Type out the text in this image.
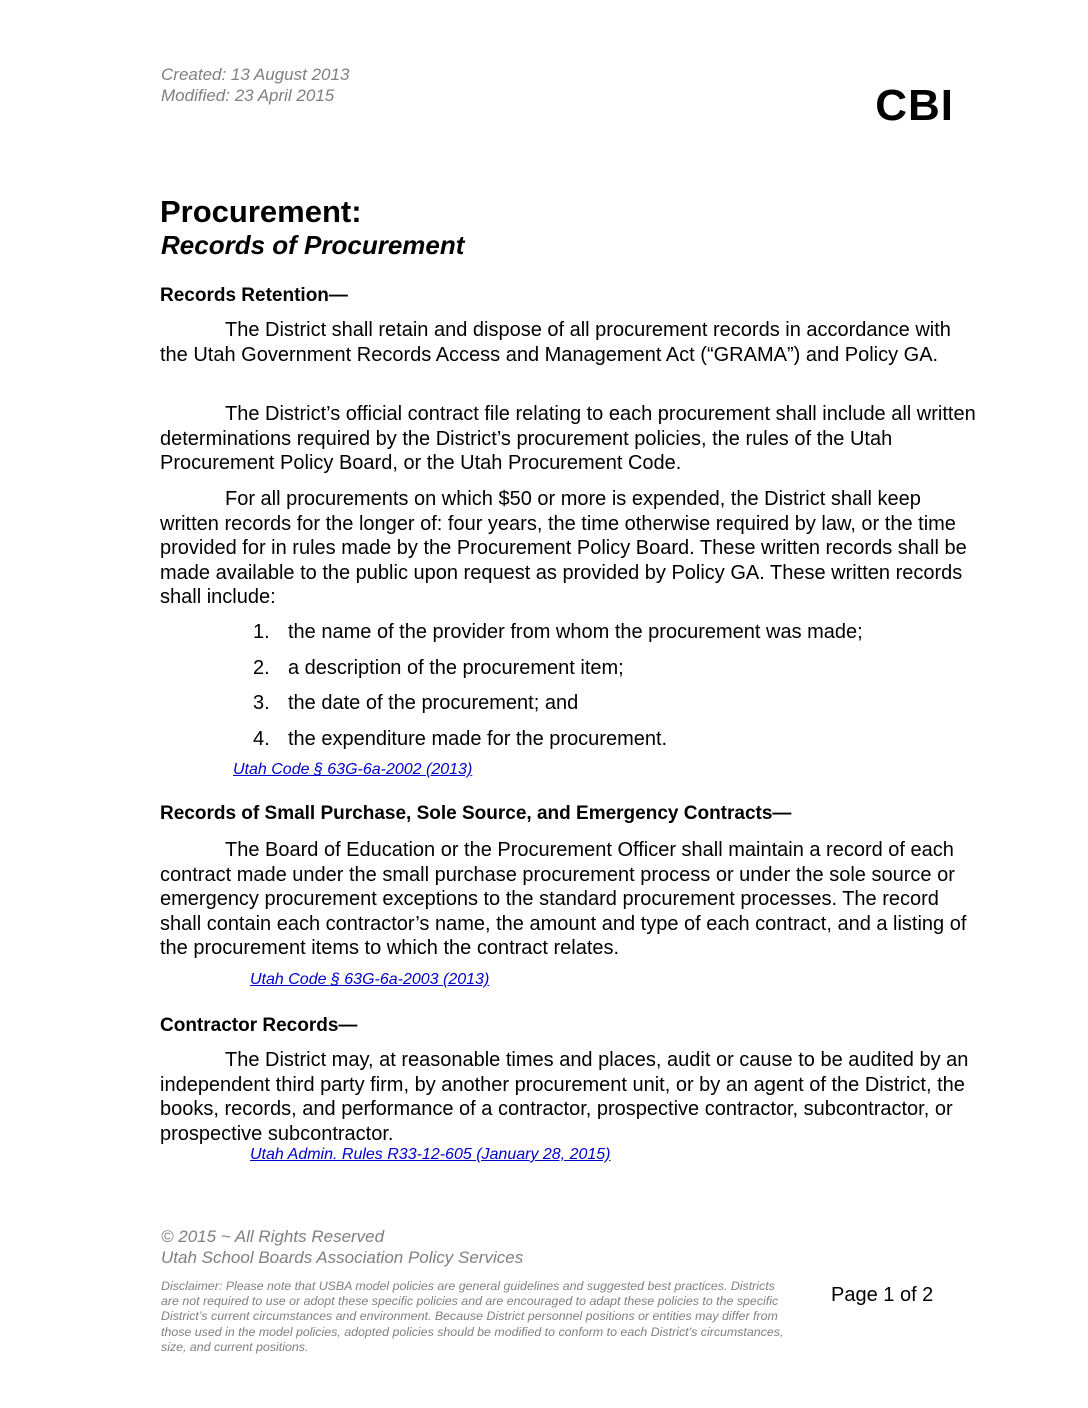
Created: 13 August 2013
Modified: 23 April 2015	CBI
Procurement:
Records of Procurement
Records Retention—

The District shall retain and dispose of all procurement records in accordance with the Utah Government Records Access and Management Act (“GRAMA”) and Policy GA.

The District’s official contract file relating to each procurement shall include all written determinations required by the District’s procurement policies, the rules of the Utah Procurement Policy Board, or the Utah Procurement Code.

For all procurements on which $50 or more is expended, the District shall keep written records for the longer of: four years, the time otherwise required by law, or the time provided for in rules made by the Procurement Policy Board. These written records shall be made available to the public upon request as provided by Policy GA. These written records shall include:

1. the name of the provider from whom the procurement was made;
2. a description of the procurement item;
3. the date of the procurement; and
4. the expenditure made for the procurement.
Utah Code § 63G-6a-2002 (2013)
Records of Small Purchase, Sole Source, and Emergency Contracts—

The Board of Education or the Procurement Officer shall maintain a record of each contract made under the small purchase procurement process or under the sole source or emergency procurement exceptions to the standard procurement processes. The record shall contain each contractor’s name, the amount and type of each contract, and a listing of the procurement items to which the contract relates.

Utah Code § 63G-6a-2003 (2013)
Contractor Records—

The District may, at reasonable times and places, audit or cause to be audited by an independent third party firm, by another procurement unit, or by an agent of the District, the books, records, and performance of a contractor, prospective contractor, subcontractor, or prospective subcontractor.

Utah Admin. Rules R33-12-605 (January 28, 2015)
© 2015 ~ All Rights Reserved
Utah School Boards Association Policy Services
Disclaimer: Please note that USBA model policies are general guidelines and suggested best practices. Districts are not required to use or adopt these specific policies and are encouraged to adapt these policies to the specific District’s current circumstances and environment. Because District personnel positions or entities may differ from those used in the model policies, adopted policies should be modified to conform to each District’s circumstances, size, and current positions.
Page 1 of 2
